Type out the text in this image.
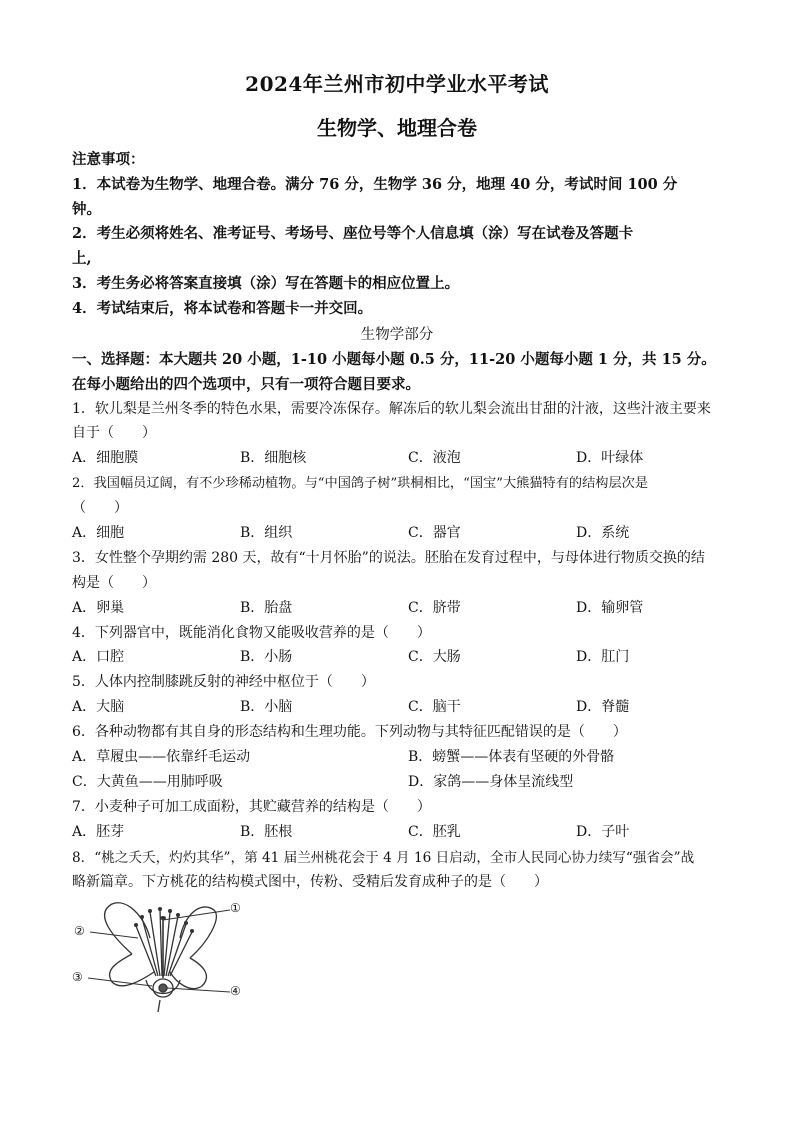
2024年兰州市初中学业水平考试
生物学、地理合卷
注意事项：
1．本试卷为生物学、地理合卷。满分 76 分，生物学 36 分，地理 40 分，考试时间 100 分
钟。
2．考生必须将姓名、准考证号、考场号、座位号等个人信息填（涂）写在试卷及答题卡
上,
3．考生务必将答案直接填（涂）写在答题卡的相应位置上。
4．考试结束后，将本试卷和答题卡一并交回。
生物学部分
一、选择题：本大题共 20 小题，1-10 小题每小题 0.5 分，11-20 小题每小题 1 分，共 15 分。
在每小题给出的四个选项中，只有一项符合题目要求。
1．软儿梨是兰州冬季的特色水果，需要冷冻保存。解冻后的软儿梨会流出甘甜的汁液，这些汁液主要来
自于（　　）
A．细胞膜	B．细胞核	C．液泡	D．叶绿体
2．我国幅员辽阔，有不少珍稀动植物。与“中国鸽子树”珙桐相比，“国宝”大熊猫特有的结构层次是
（　　）
A．细胞	B．组织	C．器官	D．系统
3．女性整个孕期约需 280 天，故有“十月怀胎”的说法。胚胎在发育过程中，与母体进行物质交换的结
构是（　　）
A．卵巢	B．胎盘	C．脐带	D．输卵管
4．下列器官中，既能消化食物又能吸收营养的是（　　）
A．口腔	B．小肠	C．大肠	D．肛门
5．人体内控制膝跳反射的神经中枢位于（　　）
A．大脑	B．小脑	C．脑干	D．脊髓
6．各种动物都有其自身的形态结构和生理功能。下列动物与其特征匹配错误的是（　　）
A．草履虫——依靠纤毛运动	B．螃蟹——体表有坚硬的外骨骼
C．大黄鱼——用肺呼吸	D．家鸽——身体呈流线型
7．小麦种子可加工成面粉，其贮藏营养的结构是（　　）
A．胚芽	B．胚根	C．胚乳	D．子叶
8．“桃之夭夭，灼灼其华”，第 41 届兰州桃花会于 4 月 16 日启动，全市人民同心协力续写“强省会”战
略新篇章。下方桃花的结构模式图中，传粉、受精后发育成种子的是（　　）
①
②
③
④
